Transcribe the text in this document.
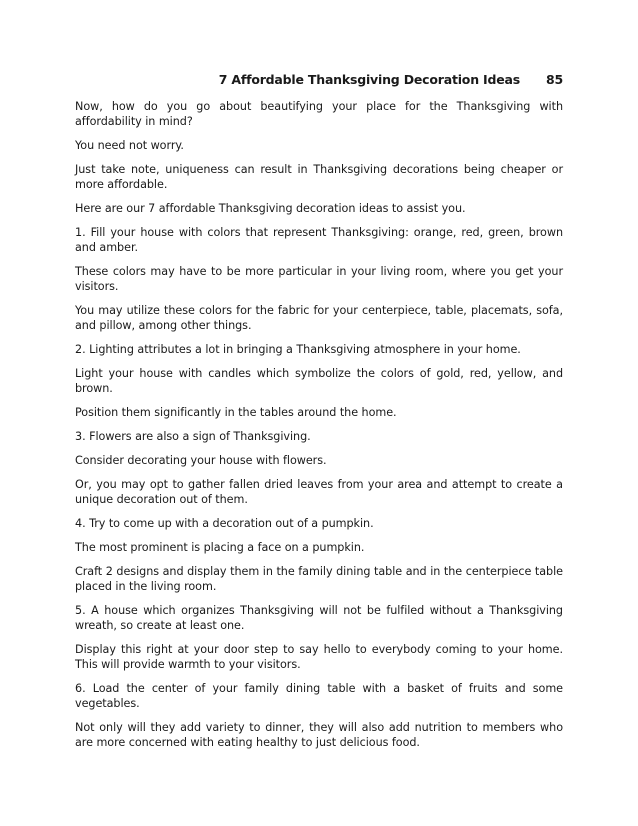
7 Affordable Thanksgiving Decoration Ideas 85

Now, how do you go about beautifying your place for the Thanksgiving with affordability in mind?

You need not worry.

Just take note, uniqueness can result in Thanksgiving decorations being cheaper or more affordable.

Here are our 7 affordable Thanksgiving decoration ideas to assist you.

1. Fill your house with colors that represent Thanksgiving: orange, red, green, brown and amber.

These colors may have to be more particular in your living room, where you get your visitors.

You may utilize these colors for the fabric for your centerpiece, table, placemats, sofa, and pillow, among other things.

2. Lighting attributes a lot in bringing a Thanksgiving atmosphere in your home.

Light your house with candles which symbolize the colors of gold, red, yellow, and brown.

Position them significantly in the tables around the home.

3. Flowers are also a sign of Thanksgiving.

Consider decorating your house with flowers.

Or, you may opt to gather fallen dried leaves from your area and attempt to create a unique decoration out of them.

4. Try to come up with a decoration out of a pumpkin.

The most prominent is placing a face on a pumpkin.

Craft 2 designs and display them in the family dining table and in the centerpiece table placed in the living room.

5. A house which organizes Thanksgiving will not be fulfiled without a Thanksgiving wreath, so create at least one.

Display this right at your door step to say hello to everybody coming to your home. This will provide warmth to your visitors.

6. Load the center of your family dining table with a basket of fruits and some vegetables.

Not only will they add variety to dinner, they will also add nutrition to members who are more concerned with eating healthy to just delicious food.
